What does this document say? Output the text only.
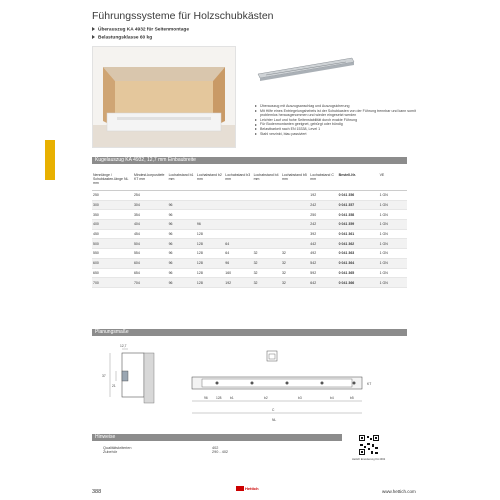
Führungssysteme für Holzschubkästen
Überauszug KA 4932 für Seitenmontage
Belastungsklasse 60 kg
Überauszug mit Auszugsanschlag und Auszugsicherung
Mit Hilfe eines Entriegelungshebels ist der Schubkasten von der Führung trennbar und kann somit problemlos herausgenommen und wieder eingesetzt werden
Leichter Lauf und hohe Seitenstabilität durch exakte Führung
Für Bodenmontanten geeignet, gebürgt oder bündig
Belastbarkeit nach EN 15338, Level 1
Stahl verzinkt, blau passiviert
Kugelauszug KA 4932, 12,7 mm Einbaubreite
Nennlänge / Schubkasten-länge NL mm	Mindest-korpustiefe KT mm	Lochabstand b1 mm	Lochabstand b2 mm	Lochabstand b3 mm	Lochabstand b4 mm	Lochabstand b5 mm	Lochabstand C mm	Bestell-Nr.	VE
250	254						192	0 041 356	1 GN
300	304	96					242	0 041 357	1 GN
350	354	96					250	0 041 358	1 GN
400	404	96	96				242	0 041 359	1 GN
450	454	96	128				392	0 041 361	1 GN
500	504	96	128	64			442	0 041 362	1 GN
550	554	96	128	64	32	32	492	0 041 363	1 GN
600	604	96	128	96	32	32	542	0 041 364	1 GN
650	654	96	128	160	32	32	592	0 041 365	1 GN
700	704	96	128	192	32	32	642	0 041 366	1 GN
Planungsmaße
12,7
37
21
b1	b2	b3	b4	b5
96	128
C
NL
KT
Hinweise
Qualitätskriterien
Zubehör
402
290 - 402
Hettich Erweiterung KA 4932
388
Hettich
www.hettich.com
